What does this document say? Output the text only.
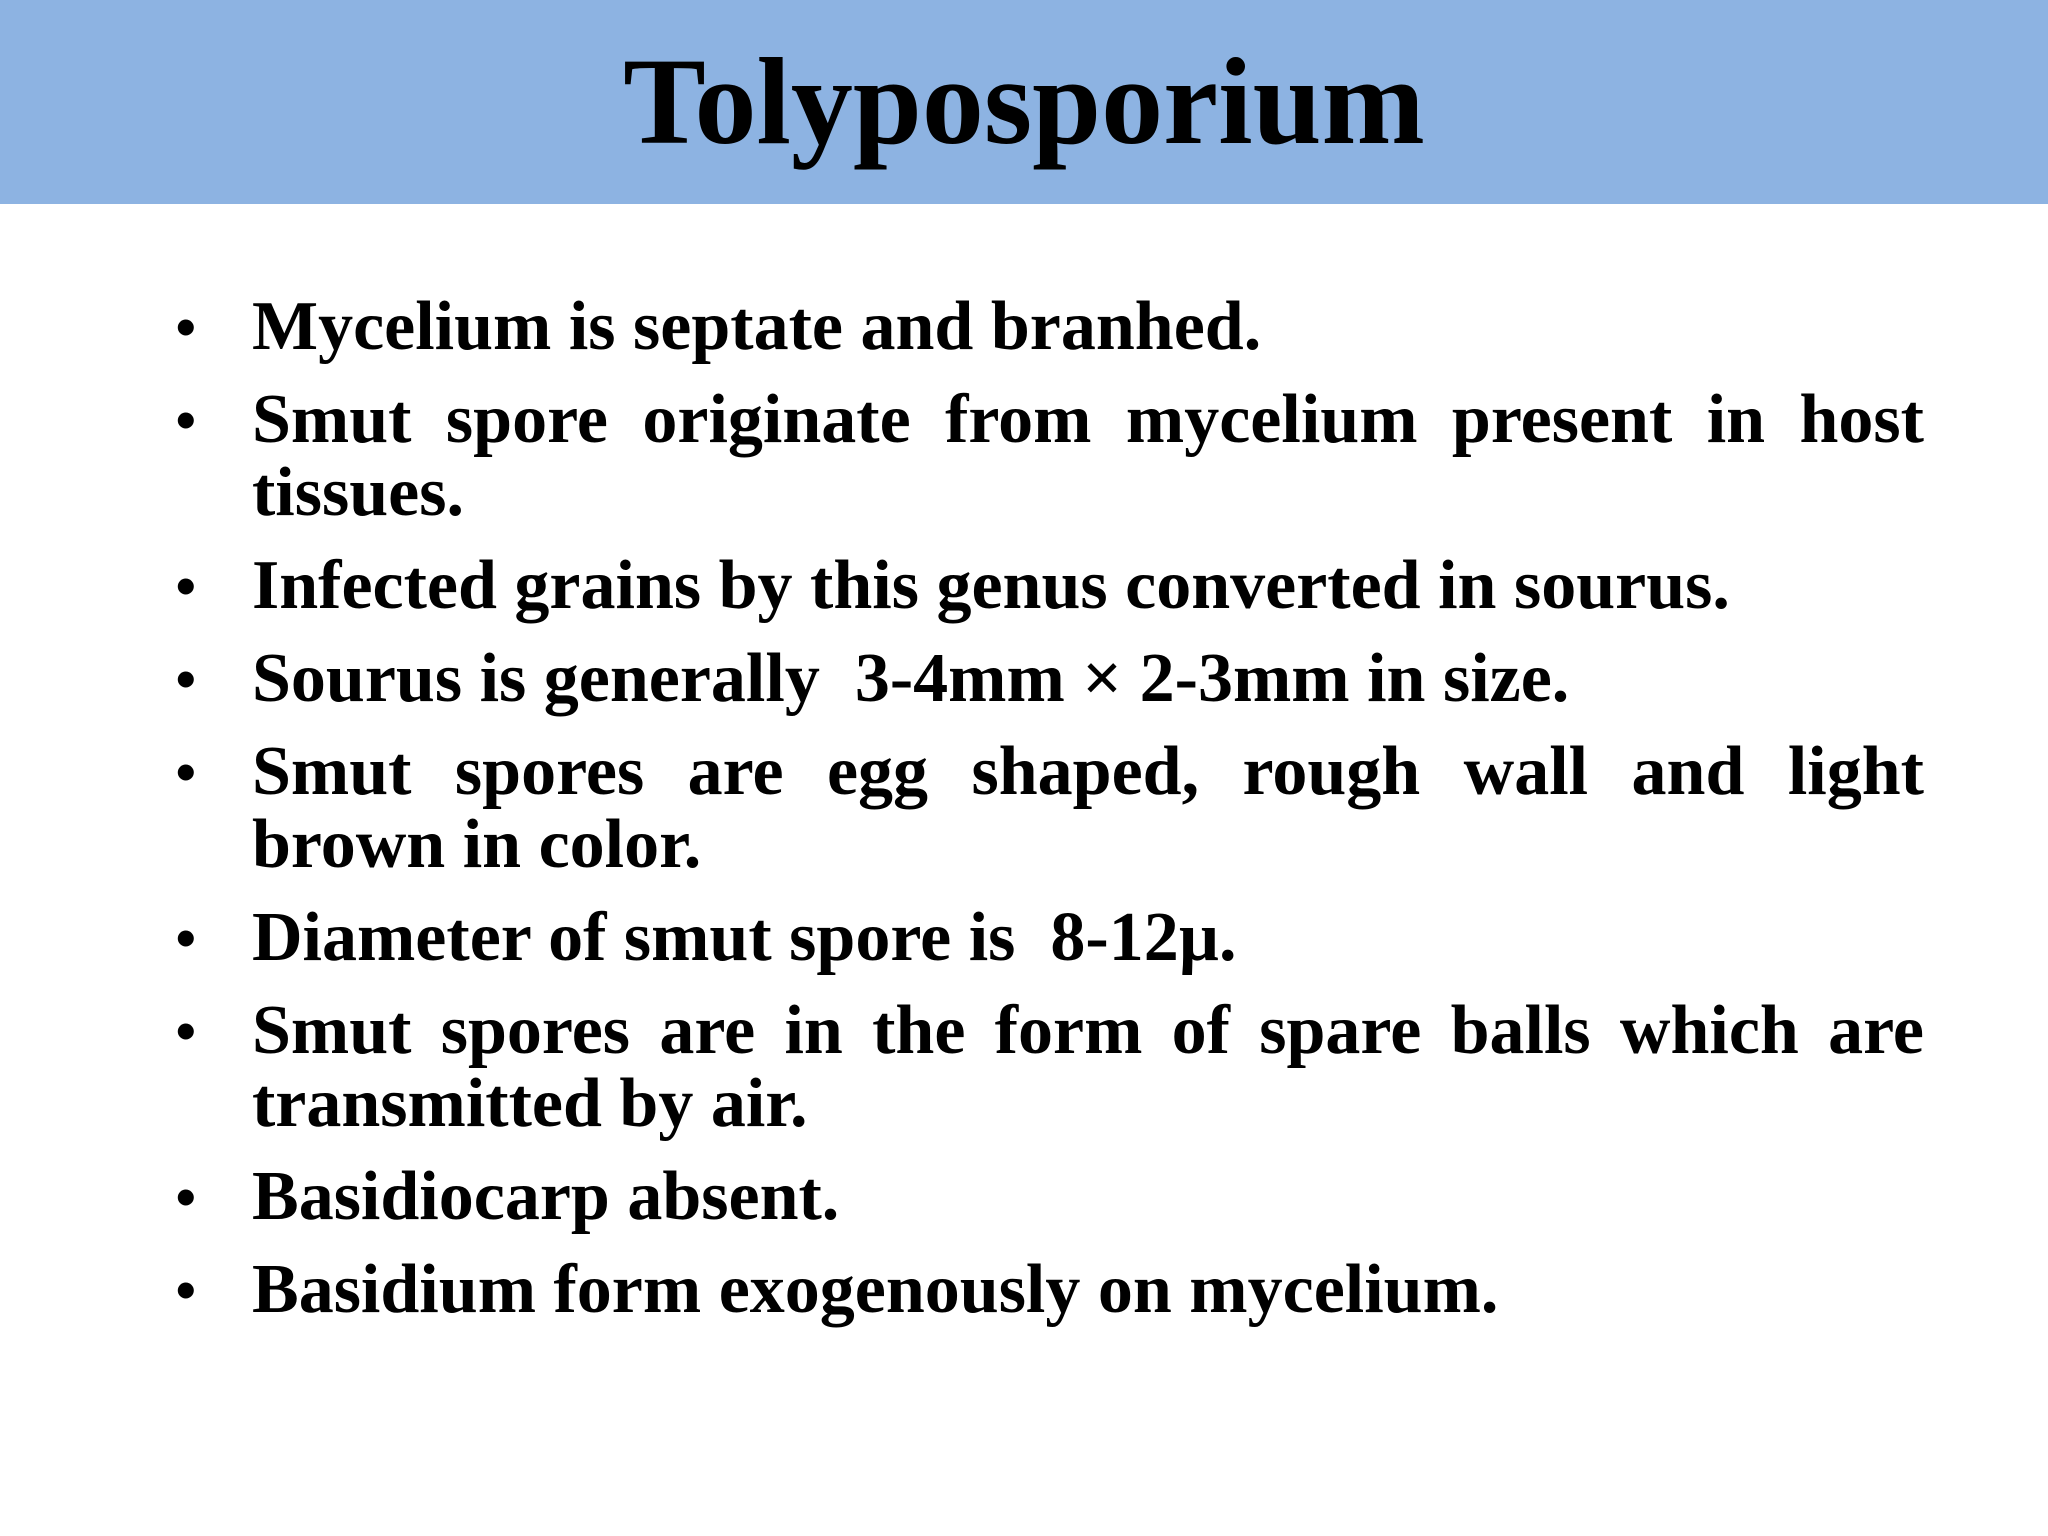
Tolyposporium
• Mycelium is septate and branhed.
• Smut spore originate from mycelium present in host tissues.
• Infected grains by this genus converted in sourus.
• Sourus is generally  3-4mm × 2-3mm in size.
• Smut spores are egg shaped, rough wall and light brown in color.
• Diameter of smut spore is  8-12µ.
• Smut spores are in the form of spare balls which are transmitted by air.
• Basidiocarp absent.
• Basidium form exogenously on mycelium.
